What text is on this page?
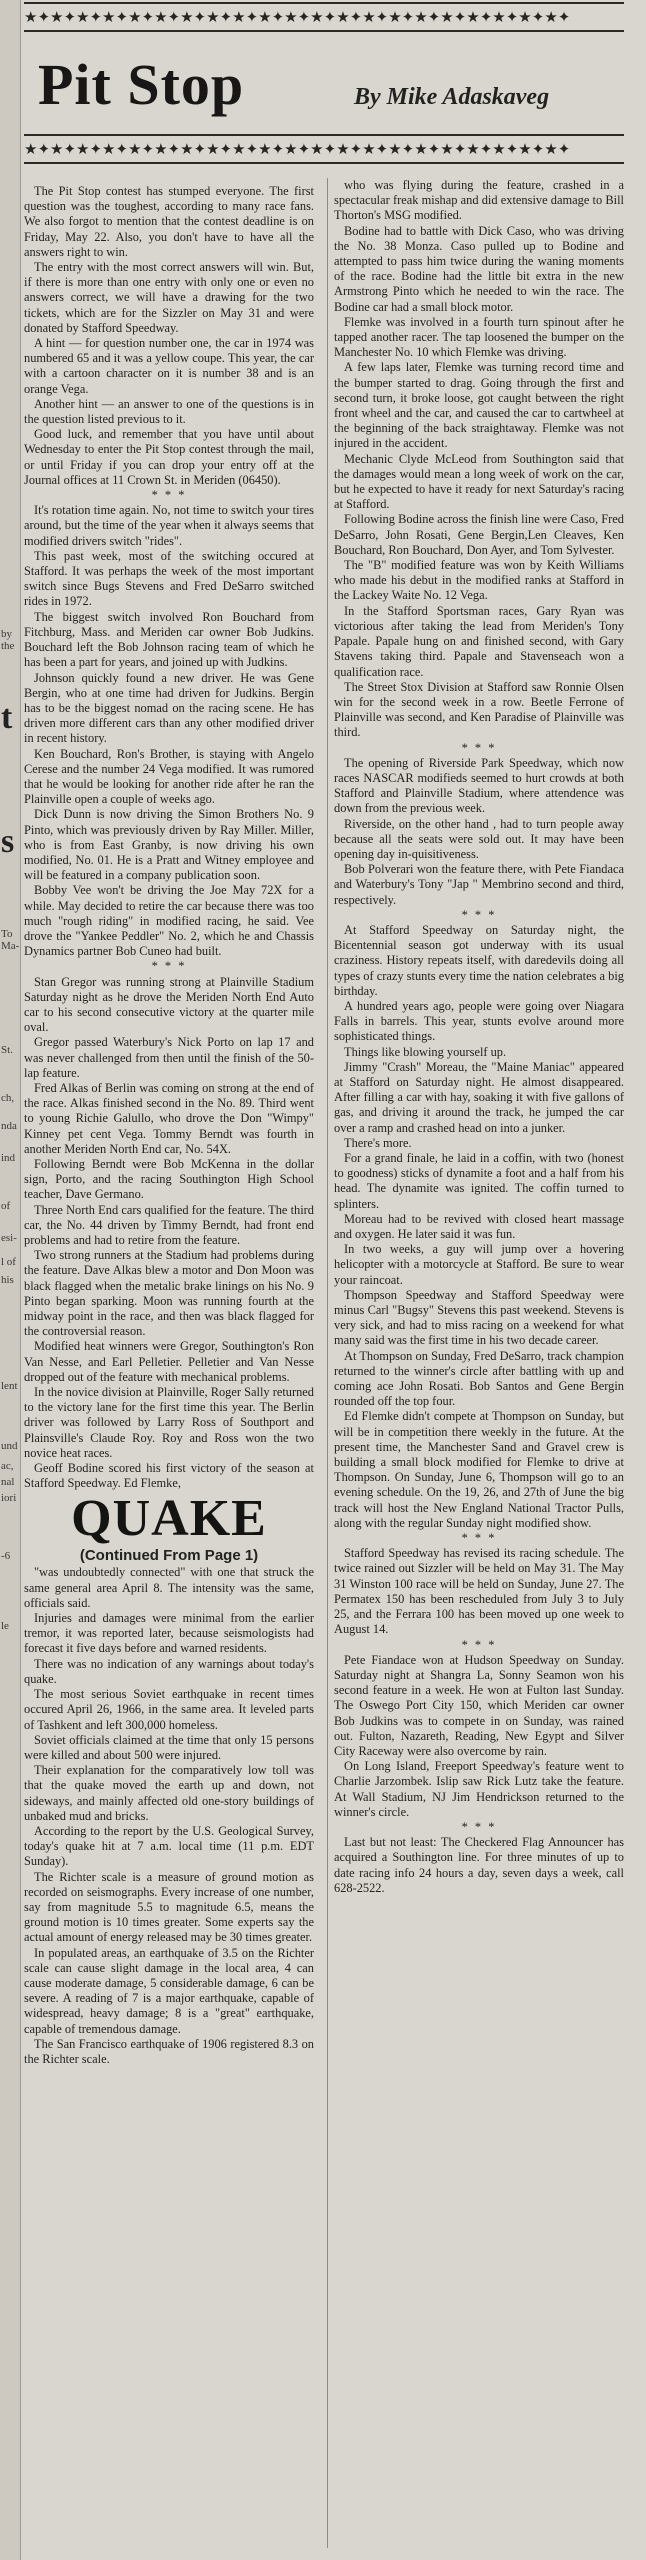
by
the
t
s
To
Ma-
St.
ch,
nda
ind
of
esi-
l of
his
lent
und
ac,
nal
iori
-6
le
★✦★✦★✦★✦★✦★✦★✦★✦★✦★✦★✦★✦★✦★✦★✦★✦★✦★✦★✦★✦★✦
Pit Stop	By Mike Adaskaveg
★✦★✦★✦★✦★✦★✦★✦★✦★✦★✦★✦★✦★✦★✦★✦★✦★✦★✦★✦★✦★✦

The Pit Stop contest has stumped everyone. The first question was the toughest, according to many race fans. We also forgot to mention that the contest deadline is on Friday, May 22. Also, you don't have to have all the answers right to win.

The entry with the most correct answers will win. But, if there is more than one entry with only one or even no answers correct, we will have a drawing for the two tickets, which are for the Sizzler on May 31 and were donated by Stafford Speedway.

A hint — for question number one, the car in 1974 was numbered 65 and it was a yellow coupe. This year, the car with a cartoon character on it is number 38 and is an orange Vega.

Another hint — an answer to one of the questions is in the question listed previous to it.

Good luck, and remember that you have until about Wednesday to enter the Pit Stop contest through the mail, or until Friday if you can drop your entry off at the Journal offices at 11 Crown St. in Meriden (06450).

* * *

It's rotation time again. No, not time to switch your tires around, but the time of the year when it always seems that modified drivers switch "rides".

This past week, most of the switching occured at Stafford. It was perhaps the week of the most important switch since Bugs Stevens and Fred DeSarro switched rides in 1972.

The biggest switch involved Ron Bouchard from Fitchburg, Mass. and Meriden car owner Bob Judkins. Bouchard left the Bob Johnson racing team of which he has been a part for years, and joined up with Judkins.

Johnson quickly found a new driver. He was Gene Bergin, who at one time had driven for Judkins. Bergin has to be the biggest nomad on the racing scene. He has driven more different cars than any other modified driver in recent history.

Ken Bouchard, Ron's Brother, is staying with Angelo Cerese and the number 24 Vega modified. It was rumored that he would be looking for another ride after he ran the Plainville open a couple of weeks ago.

Dick Dunn is now driving the Simon Brothers No. 9 Pinto, which was previously driven by Ray Miller. Miller, who is from East Granby, is now driving his own modified, No. 01. He is a Pratt and Witney employee and will be featured in a company publication soon.

Bobby Vee won't be driving the Joe May 72X for a while. May decided to retire the car because there was too much "rough riding" in modified racing, he said. Vee drove the "Yankee Peddler" No. 2, which he and Chassis Dynamics partner Bob Cuneo had built.

* * *

Stan Gregor was running strong at Plainville Stadium Saturday night as he drove the Meriden North End Auto car to his second consecutive victory at the quarter mile oval.

Gregor passed Waterbury's Nick Porto on lap 17 and was never challenged from then until the finish of the 50-lap feature.

Fred Alkas of Berlin was coming on strong at the end of the race. Alkas finished second in the No. 89. Third went to young Richie Galullo, who drove the Don "Wimpy" Kinney pet cent Vega. Tommy Berndt was fourth in another Meriden North End car, No. 54X.

Following Berndt were Bob McKenna in the dollar sign, Porto, and the racing Southington High School teacher, Dave Germano.

Three North End cars qualified for the feature. The third car, the No. 44 driven by Timmy Berndt, had front end problems and had to retire from the feature.

Two strong runners at the Stadium had problems during the feature. Dave Alkas blew a motor and Don Moon was black flagged when the metalic brake linings on his No. 9 Pinto began sparking. Moon was running fourth at the midway point in the race, and then was black flagged for the controversial reason.

Modified heat winners were Gregor, Southington's Ron Van Nesse, and Earl Pelletier. Pelletier and Van Nesse dropped out of the feature with mechanical problems.

In the novice division at Plainville, Roger Sally returned to the victory lane for the first time this year. The Berlin driver was followed by Larry Ross of Southport and Plainsville's Claude Roy. Roy and Ross won the two novice heat races.

Geoff Bodine scored his first victory of the season at Stafford Speedway. Ed Flemke,

QUAKE

(Continued From Page 1)

"was undoubtedly connected" with one that struck the same general area April 8. The intensity was the same, officials said.

Injuries and damages were minimal from the earlier tremor, it was reported later, because seismologists had forecast it five days before and warned residents.

There was no indication of any warnings about today's quake.

The most serious Soviet earthquake in recent times occured April 26, 1966, in the same area. It leveled parts of Tashkent and left 300,000 homeless.

Soviet officials claimed at the time that only 15 persons were killed and about 500 were injured.

Their explanation for the comparatively low toll was that the quake moved the earth up and down, not sideways, and mainly affected old one-story buildings of unbaked mud and bricks.

According to the report by the U.S. Geological Survey, today's quake hit at 7 a.m. local time (11 p.m. EDT Sunday).

The Richter scale is a measure of ground motion as recorded on seismographs. Every increase of one number, say from magnitude 5.5 to magnitude 6.5, means the ground motion is 10 times greater. Some experts say the actual amount of energy released may be 30 times greater.

In populated areas, an earthquake of 3.5 on the Richter scale can cause slight damage in the local area, 4 can cause moderate damage, 5 considerable damage, 6 can be severe. A reading of 7 is a major earthquake, capable of widespread, heavy damage; 8 is a "great" earthquake, capable of tremendous damage.

The San Francisco earthquake of 1906 registered 8.3 on the Richter scale.

who was flying during the feature, crashed in a spectacular freak mishap and did extensive damage to Bill Thorton's MSG modified.

Bodine had to battle with Dick Caso, who was driving the No. 38 Monza. Caso pulled up to Bodine and attempted to pass him twice during the waning moments of the race. Bodine had the little bit extra in the new Armstrong Pinto which he needed to win the race. The Bodine car had a small block motor.

Flemke was involved in a fourth turn spinout after he tapped another racer. The tap loosened the bumper on the Manchester No. 10 which Flemke was driving.

A few laps later, Flemke was turning record time and the bumper started to drag. Going through the first and second turn, it broke loose, got caught between the right front wheel and the car, and caused the car to cartwheel at the beginning of the back straightaway. Flemke was not injured in the accident.

Mechanic Clyde McLeod from Southington said that the damages would mean a long week of work on the car, but he expected to have it ready for next Saturday's racing at Stafford.

Following Bodine across the finish line were Caso, Fred DeSarro, John Rosati, Gene Bergin,Len Cleaves, Ken Bouchard, Ron Bouchard, Don Ayer, and Tom Sylvester.

The "B" modified feature was won by Keith Williams who made his debut in the modified ranks at Stafford in the Lackey Waite No. 12 Vega.

In the Stafford Sportsman races, Gary Ryan was victorious after taking the lead from Meriden's Tony Papale. Papale hung on and finished second, with Gary Stavens taking third. Papale and Stavenseach won a qualification race.

The Street Stox Division at Stafford saw Ronnie Olsen win for the second week in a row. Beetle Ferrone of Plainville was second, and Ken Paradise of Plainville was third.

* * *

The opening of Riverside Park Speedway, which now races NASCAR modifieds seemed to hurt crowds at both Stafford and Plainville Stadium, where attendence was down from the previous week.

Riverside, on the other hand , had to turn people away because all the seats were sold out. It may have been opening day in-quisitiveness.

Bob Polverari won the feature there, with Pete Fiandaca and Waterbury's Tony "Jap " Membrino second and third, respectively.

* * *

At Stafford Speedway on Saturday night, the Bicentennial season got underway with its usual craziness. History repeats itself, with daredevils doing all types of crazy stunts every time the nation celebrates a big birthday.

A hundred years ago, people were going over Niagara Falls in barrels. This year, stunts evolve around more sophisticated things.

Things like blowing yourself up.

Jimmy "Crash" Moreau, the "Maine Maniac" appeared at Stafford on Saturday night. He almost disappeared. After filling a car with hay, soaking it with five gallons of gas, and driving it around the track, he jumped the car over a ramp and crashed head on into a junker.

There's more.

For a grand finale, he laid in a coffin, with two (honest to goodness) sticks of dynamite a foot and a half from his head. The dynamite was ignited. The coffin turned to splinters.

Moreau had to be revived with closed heart massage and oxygen. He later said it was fun.

In two weeks, a guy will jump over a hovering helicopter with a motorcycle at Stafford. Be sure to wear your raincoat.

Thompson Speedway and Stafford Speedway were minus Carl "Bugsy" Stevens this past weekend. Stevens is very sick, and had to miss racing on a weekend for what many said was the first time in his two decade career.

At Thompson on Sunday, Fred DeSarro, track champion returned to the winner's circle after battling with up and coming ace John Rosati. Bob Santos and Gene Bergin rounded off the top four.

Ed Flemke didn't compete at Thompson on Sunday, but will be in competition there weekly in the future. At the present time, the Manchester Sand and Gravel crew is building a small block modified for Flemke to drive at Thompson. On Sunday, June 6, Thompson will go to an evening schedule. On the 19, 26, and 27th of June the big track will host the New England National Tractor Pulls, along with the regular Sunday night modified show.

* * *

Stafford Speedway has revised its racing schedule. The twice rained out Sizzler will be held on May 31. The May 31 Winston 100 race will be held on Sunday, June 27. The Permatex 150 has been rescheduled from July 3 to July 25, and the Ferrara 100 has been moved up one week to August 14.

* * *

Pete Fiandace won at Hudson Speedway on Sunday. Saturday night at Shangra La, Sonny Seamon won his second feature in a week. He won at Fulton last Sunday. The Oswego Port City 150, which Meriden car owner Bob Judkins was to compete in on Sunday, was rained out. Fulton, Nazareth, Reading, New Egypt and Silver City Raceway were also overcome by rain.

On Long Island, Freeport Speedway's feature went to Charlie Jarzombek. Islip saw Rick Lutz take the feature. At Wall Stadium, NJ Jim Hendrickson returned to the winner's circle.

* * *

Last but not least: The Checkered Flag Announcer has acquired a Southington line. For three minutes of up to date racing info 24 hours a day, seven days a week, call 628-2522.
